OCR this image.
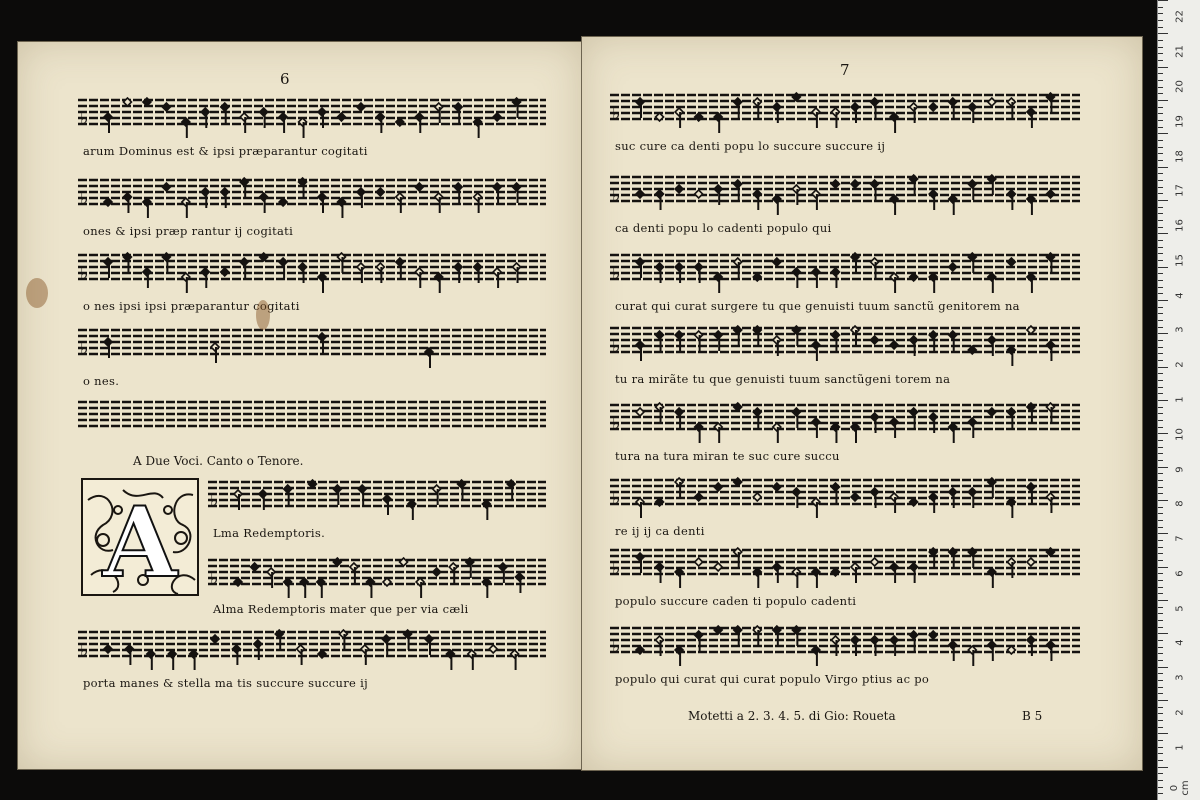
6
♭
arum Dominus est & ipsi præparantur cogitati
♭
ones & ipsi præp rantur ij cogitati
♭
o nes ipsi ipsi præparantur cogitati
♭
o nes.
♭
Lma Redemptoris.
♭
Alma Redemptoris mater que per via cæli
♭
porta manes & stella ma tis succure succure ij
A
A Due Voci. Canto o Tenore.
7
♭
suc cure ca denti popu lo succure succure ij
♭
ca denti popu lo cadenti populo qui
♭
curat qui curat surgere tu que genuisti tuum sanctũ genitorem na
♭
tu ra mirãte tu que genuisti tuum sanctũgeni torem na
♭
tura na tura miran te suc cure succu
♭
re ij ij ca denti
♭
populo succure caden ti populo cadenti
♭
populo qui curat qui curat populo Virgo ptius ac po
Motetti a 2. 3. 4. 5. di Gio: Roueta	B 5
22
21
20
19
18
17
16
15
4
3
2
1
10
9
8
7
6
5
4
3
2
1
0 cm
